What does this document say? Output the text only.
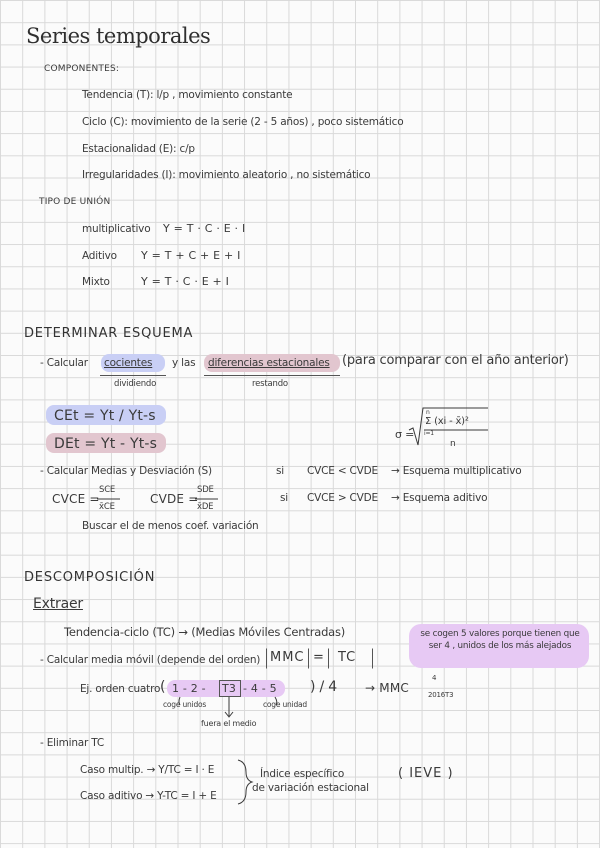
Series temporales
COMPONENTES:
Tendencia (T): l/p , movimiento constante
Ciclo (C): movimiento de la serie (2 - 5 años) , poco sistemático
Estacionalidad (E): c/p
Irregularidades (I): movimiento aleatorio , no sistemático
TIPO DE UNIÓN
multiplicativo Y = T · C · E · I
Aditivo Y = T + C + E + I
Mixto	Y = T · C · E + I
DETERMINAR ESQUEMA
- Calcular cocientes y las diferencias estacionales (para comparar con el año anterior)
dividiendo	restando
CEt = Yt / Yt-s
DEt = Yt - Yt-s
σ =
n
i=1
Σ (xi - x̄)²
n
- Calcular Medias y Desviación (S)	si CVCE < CVDE → Esquema multiplicativo
CVCE =
SCE
x̄CE
CVDE =
SDE
x̄DE
si CVCE > CVDE → Esquema aditivo
Buscar el de menos coef. variación
DESCOMPOSICIÓN
Extraer
Tendencia-ciclo (TC) → (Medias Móviles Centradas)	se cogen 5 valores porque tienen que ser 4 , unidos de los más alejados
- Calcular media móvil (depende del orden) MMC = TC
Ej. orden cuatro ( 1 - 2 - T3 - 4 - 5 ) / 4 → MMC
4
2016T3
coge unidos	coge unidad
fuera el medio
- Eliminar TC
Caso multip. → Y/TC = I · E
Caso aditivo → Y-TC = I + E
Índice específico
de variación estacional
( IEVE )
